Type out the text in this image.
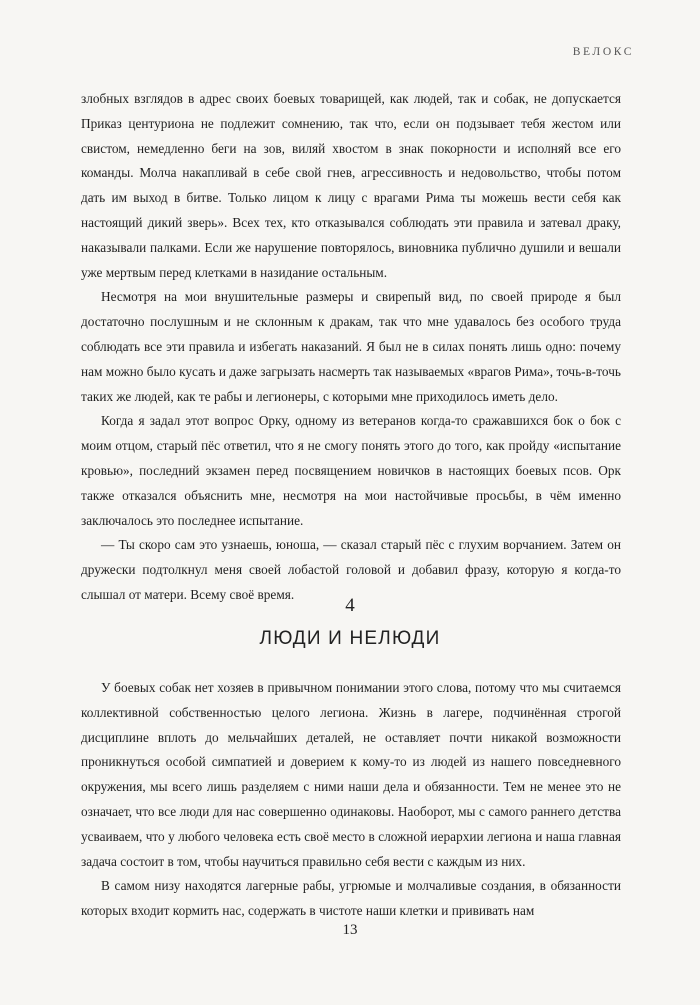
ВЕЛОКС

злобных взглядов в адрес своих боевых товарищей, как людей, так и собак, не допускается Приказ центуриона не подлежит сомнению, так что, если он подзывает тебя жестом или свистом, немедленно беги на зов, виляй хвостом в знак покорности и исполняй все его команды. Молча накапливай в себе свой гнев, агрессивность и недовольство, чтобы потом дать им выход в битве. Только лицом к лицу с врагами Рима ты можешь вести себя как настоящий дикий зверь». Всех тех, кто отказывался соблюдать эти правила и затевал драку, наказывали палками. Если же нарушение повторялось, виновника публично душили и вешали уже мертвым перед клетками в назидание остальным.

Несмотря на мои внушительные размеры и свирепый вид, по своей природе я был достаточно послушным и не склонным к дракам, так что мне удавалось без особого труда соблюдать все эти правила и избегать наказаний. Я был не в силах понять лишь одно: почему нам можно было кусать и даже загрызать насмерть так называемых «врагов Рима», точь-в-точь таких же людей, как те рабы и легионеры, с которыми мне приходилось иметь дело.

Когда я задал этот вопрос Орку, одному из ветеранов когда-то сражавшихся бок о бок с моим отцом, старый пёс ответил, что я не смогу понять этого до того, как пройду «испытание кровью», последний экзамен перед посвящением новичков в настоящих боевых псов. Орк также отказался объяснить мне, несмотря на мои настойчивые просьбы, в чём именно заключалось это последнее испытание.

— Ты скоро сам это узнаешь, юноша, — сказал старый пёс с глухим ворчанием. Затем он дружески подтолкнул меня своей лобастой головой и добавил фразу, которую я когда-то слышал от матери. Всему своё время.

4
ЛЮДИ И НЕЛЮДИ

У боевых собак нет хозяев в привычном понимании этого слова, потому что мы считаемся коллективной собственностью целого легиона. Жизнь в лагере, подчинённая строгой дисциплине вплоть до мельчайших деталей, не оставляет почти никакой возможности проникнуться особой симпатией и доверием к кому-то из людей из нашего повседневного окружения, мы всего лишь разделяем с ними наши дела и обязанности. Тем не менее это не означает, что все люди для нас совершенно одинаковы. Наоборот, мы с самого раннего детства усваиваем, что у любого человека есть своё место в сложной иерархии легиона и наша главная задача состоит в том, чтобы научиться правильно себя вести с каждым из них.

В самом низу находятся лагерные рабы, угрюмые и молчаливые создания, в обязанности которых входит кормить нас, содержать в чистоте наши клетки и прививать нам

13
